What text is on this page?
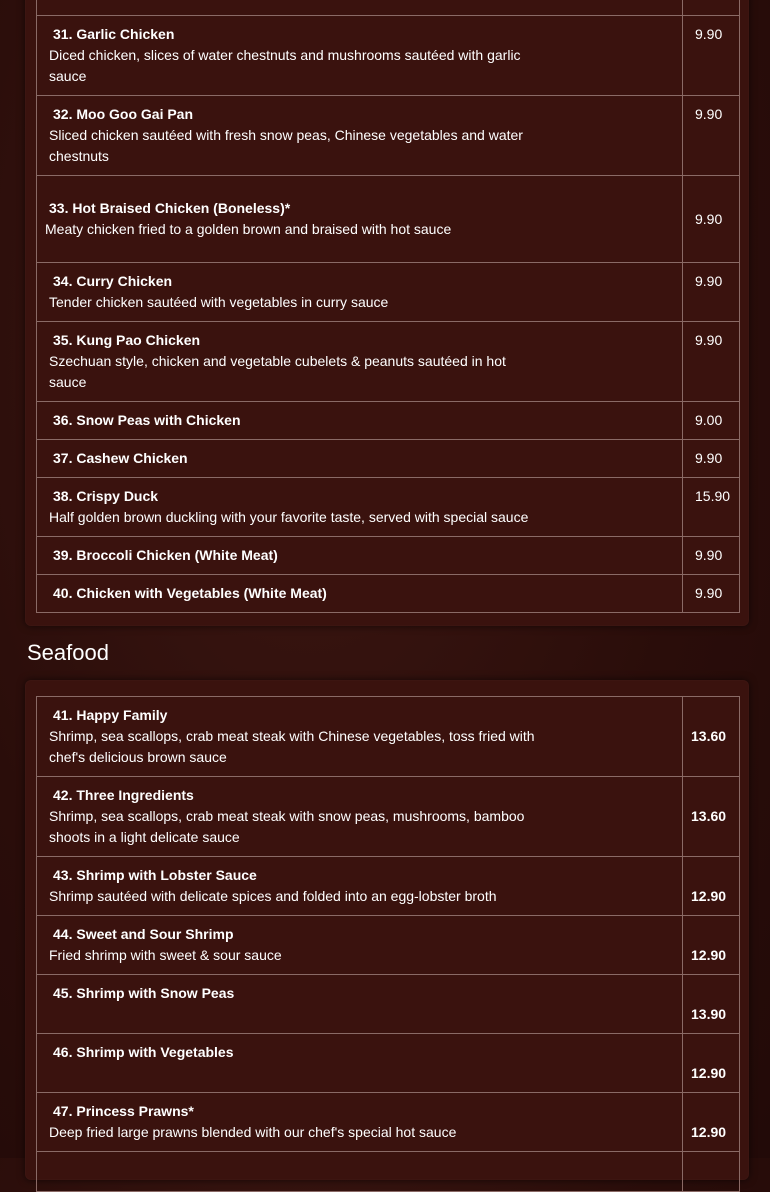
31. Garlic Chicken
Diced chicken, slices of water chestnuts and mushrooms sautéed with garlic sauce	9.90

32. Moo Goo Gai Pan
Sliced chicken sautéed with fresh snow peas, Chinese vegetables and water chestnuts	9.90

33. Hot Braised Chicken (Boneless)*
Meaty chicken fried to a golden brown and braised with hot sauce	9.90

34. Curry Chicken
Tender chicken sautéed with vegetables in curry sauce	9.90

35. Kung Pao Chicken
Szechuan style, chicken and vegetable cubelets & peanuts sautéed in hot sauce	9.90

36. Snow Peas with Chicken	9.00

37. Cashew Chicken	9.90

38. Crispy Duck
Half golden brown duckling with your favorite taste, served with special sauce	15.90

39. Broccoli Chicken (White Meat)	9.90

40. Chicken with Vegetables (White Meat)	9.90
Seafood
41. Happy Family
Shrimp, sea scallops, crab meat steak with Chinese vegetables, toss fried with chef's delicious brown sauce	13.60

42. Three Ingredients
Shrimp, sea scallops, crab meat steak with snow peas, mushrooms, bamboo shoots in a light delicate sauce	13.60

43. Shrimp with Lobster Sauce
Shrimp sautéed with delicate spices and folded into an egg-lobster broth	12.90

44. Sweet and Sour Shrimp
Fried shrimp with sweet & sour sauce	12.90

45. Shrimp with Snow Peas	13.90

46. Shrimp with Vegetables	12.90

47. Princess Prawns*
Deep fried large prawns blended with our chef's special hot sauce	12.90
